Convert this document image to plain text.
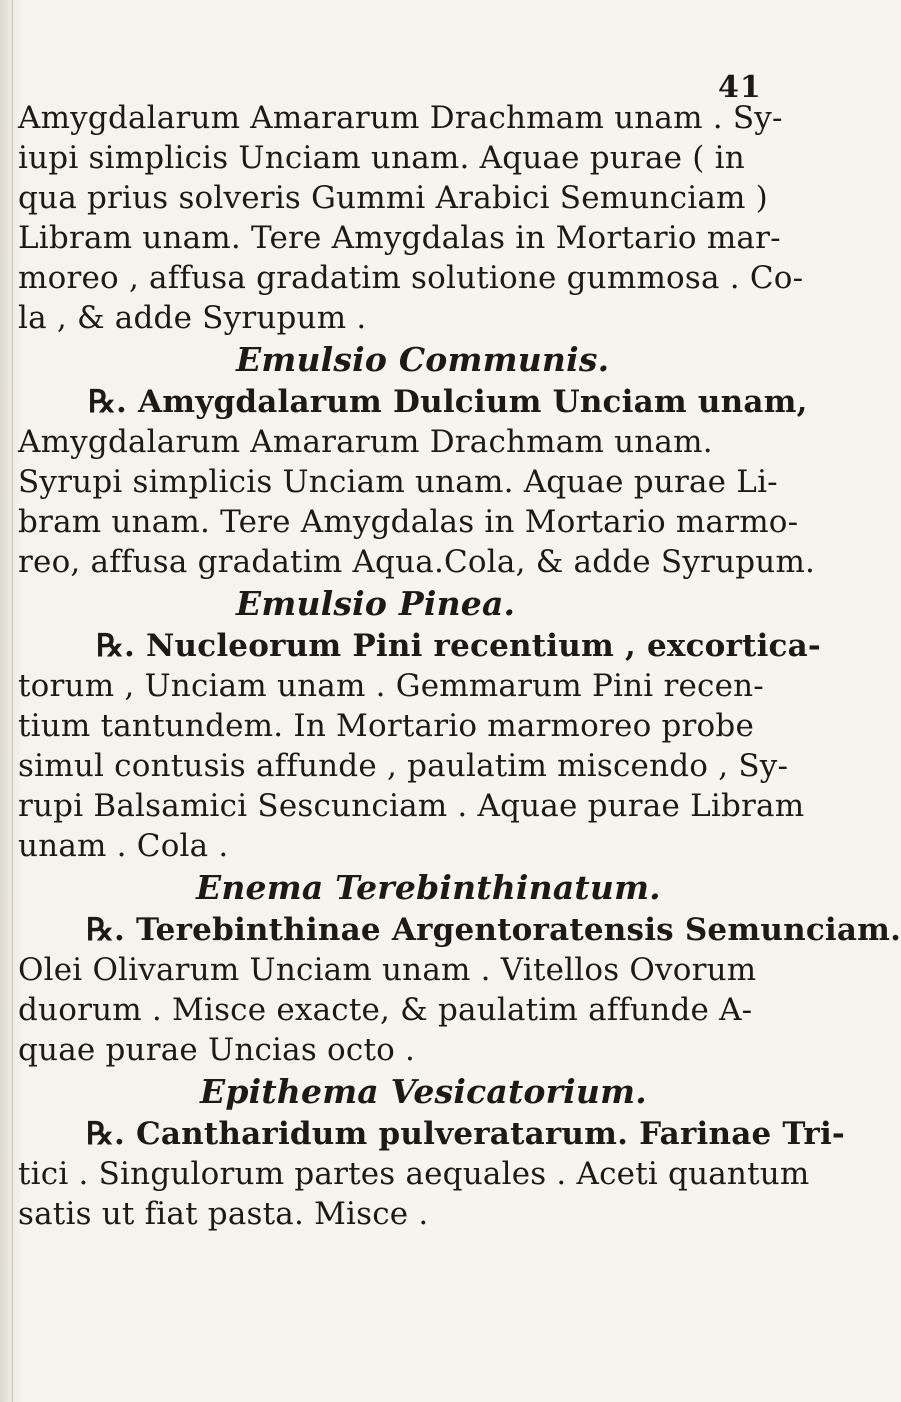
41
Amygdalarum Amararum Drachmam unam . Sy-
iupi simplicis Unciam unam. Aquae purae ( in
qua prius solveris Gummi Arabici Semunciam )
Libram unam. Tere Amygdalas in Mortario mar-
moreo , affusa gradatim solutione gummosa . Co-
la , & adde Syrupum .
Emulsio Communis.
℞. Amygdalarum Dulcium Unciam unam,
Amygdalarum Amararum Drachmam unam.
Syrupi simplicis Unciam unam. Aquae purae Li-
bram unam. Tere Amygdalas in Mortario marmo-
reo, affusa gradatim Aqua.Cola, & adde Syrupum.
Emulsio Pinea.
℞. Nucleorum Pini recentium , excortica-
torum , Unciam unam . Gemmarum Pini recen-
tium tantundem. In Mortario marmoreo probe
simul contusis affunde , paulatim miscendo , Sy-
rupi Balsamici Sescunciam . Aquae purae Libram
unam . Cola .
Enema Terebinthinatum.
℞. Terebinthinae Argentoratensis Semunciam.
Olei Olivarum Unciam unam . Vitellos Ovorum
duorum . Misce exacte, & paulatim affunde A-
quae purae Uncias octo .
Epithema Vesicatorium.
℞. Cantharidum pulveratarum. Farinae Tri-
tici . Singulorum partes aequales . Aceti quantum
satis ut fiat pasta. Misce .
